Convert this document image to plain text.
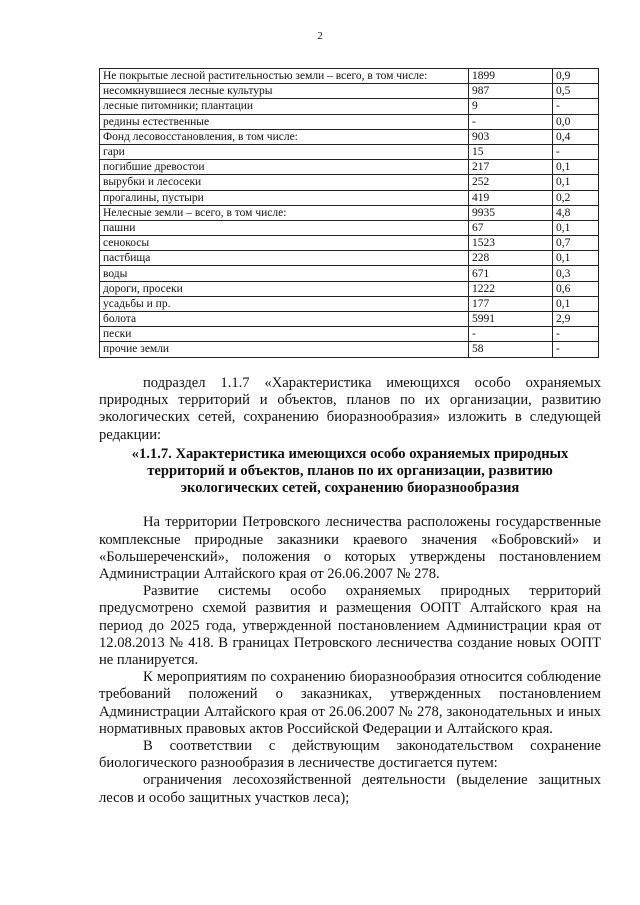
2
Не покрытые лесной растительностью земли – всего, в том числе:	1899	0,9
несомкнувшиеся лесные культуры	987	0,5
лесные питомники; плантации	9	-
редины естественные	-	0,0
Фонд лесовосстановления, в том числе:	903	0,4
гари	15	-
погибшие древостои	217	0,1
вырубки и лесосеки	252	0,1
прогалины, пустыри	419	0,2
Нелесные земли – всего, в том числе:	9935	4,8
пашни	67	0,1
сенокосы	1523	0,7
пастбища	228	0,1
воды	671	0,3
дороги, просеки	1222	0,6
усадьбы и пр.	177	0,1
болота	5991	2,9
пески	-	-
прочие земли	58	-

подраздел 1.1.7 «Характеристика имеющихся особо охраняемых природных территорий и объектов, планов по их организации, развитию экологических сетей, сохранению биоразнообразия» изложить в следующей редакции:

«1.1.7. Характеристика имеющихся особо охраняемых природных территорий и объектов, планов по их организации, развитию экологических сетей, сохранению биоразнообразия

На территории Петровского лесничества расположены государственные комплексные природные заказники краевого значения «Бобровский» и «Большереченский», положения о которых утверждены постановлением Администрации Алтайского края от 26.06.2007 № 278.

Развитие системы особо охраняемых природных территорий предусмотрено схемой развития и размещения ООПТ Алтайского края на период до 2025 года, утвержденной постановлением Администрации края от 12.08.2013 № 418. В границах Петровского лесничества создание новых ООПТ не планируется.

К мероприятиям по сохранению биоразнообразия относится соблюдение требований положений о заказниках, утвержденных постановлением Администрации Алтайского края от 26.06.2007 № 278, законодательных и иных нормативных правовых актов Российской Федерации и Алтайского края.

В соответствии с действующим законодательством сохранение биологического разнообразия в лесничестве достигается путем:

ограничения лесохозяйственной деятельности (выделение защитных лесов и особо защитных участков леса);
